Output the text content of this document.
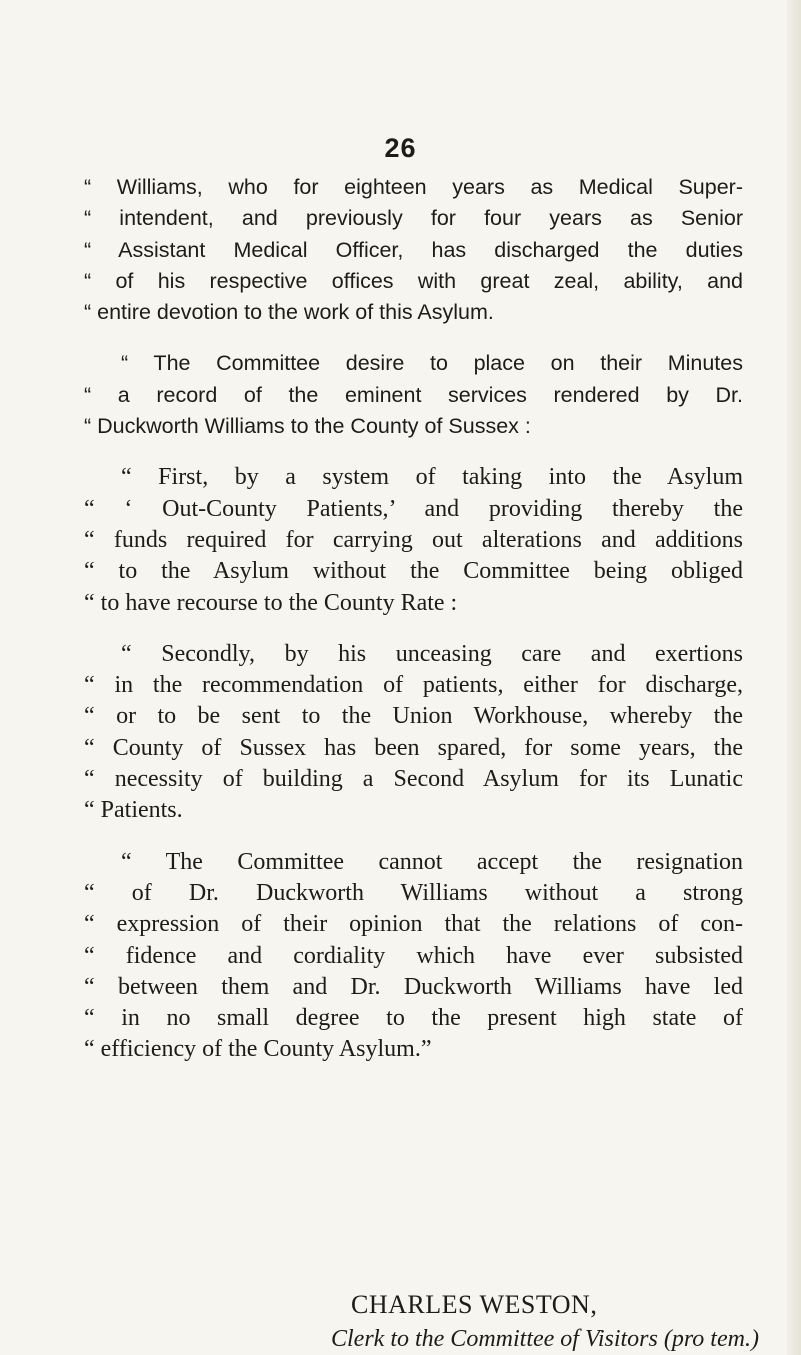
26
“ Williams, who for eighteen years as Medical Super-
“ intendent, and previously for four years as Senior
“ Assistant Medical Officer, has discharged the duties
“ of his respective offices with great zeal, ability, and
“ entire devotion to the work of this Asylum.
“ The Committee desire to place on their Minutes
“ a record of the eminent services rendered by Dr.
“ Duckworth Williams to the County of Sussex :
“ First, by a system of taking into the Asylum
“ ‘ Out-County Patients,’ and providing thereby the
“ funds required for carrying out alterations and additions
“ to the Asylum without the Committee being obliged
“ to have recourse to the County Rate :
“ Secondly, by his unceasing care and exertions
“ in the recommendation of patients, either for discharge,
“ or to be sent to the Union Workhouse, whereby the
“ County of Sussex has been spared, for some years, the
“ necessity of building a Second Asylum for its Lunatic
“ Patients.
“ The Committee cannot accept the resignation
“ of Dr. Duckworth Williams without a strong
“ expression of their opinion that the relations of con-
“ fidence and cordiality which have ever subsisted
“ between them and Dr. Duckworth Williams have led
“ in no small degree to the present high state of
“ efficiency of the County Asylum.”
CHARLES WESTON,
Clerk to the Committee of Visitors (pro tem.)
